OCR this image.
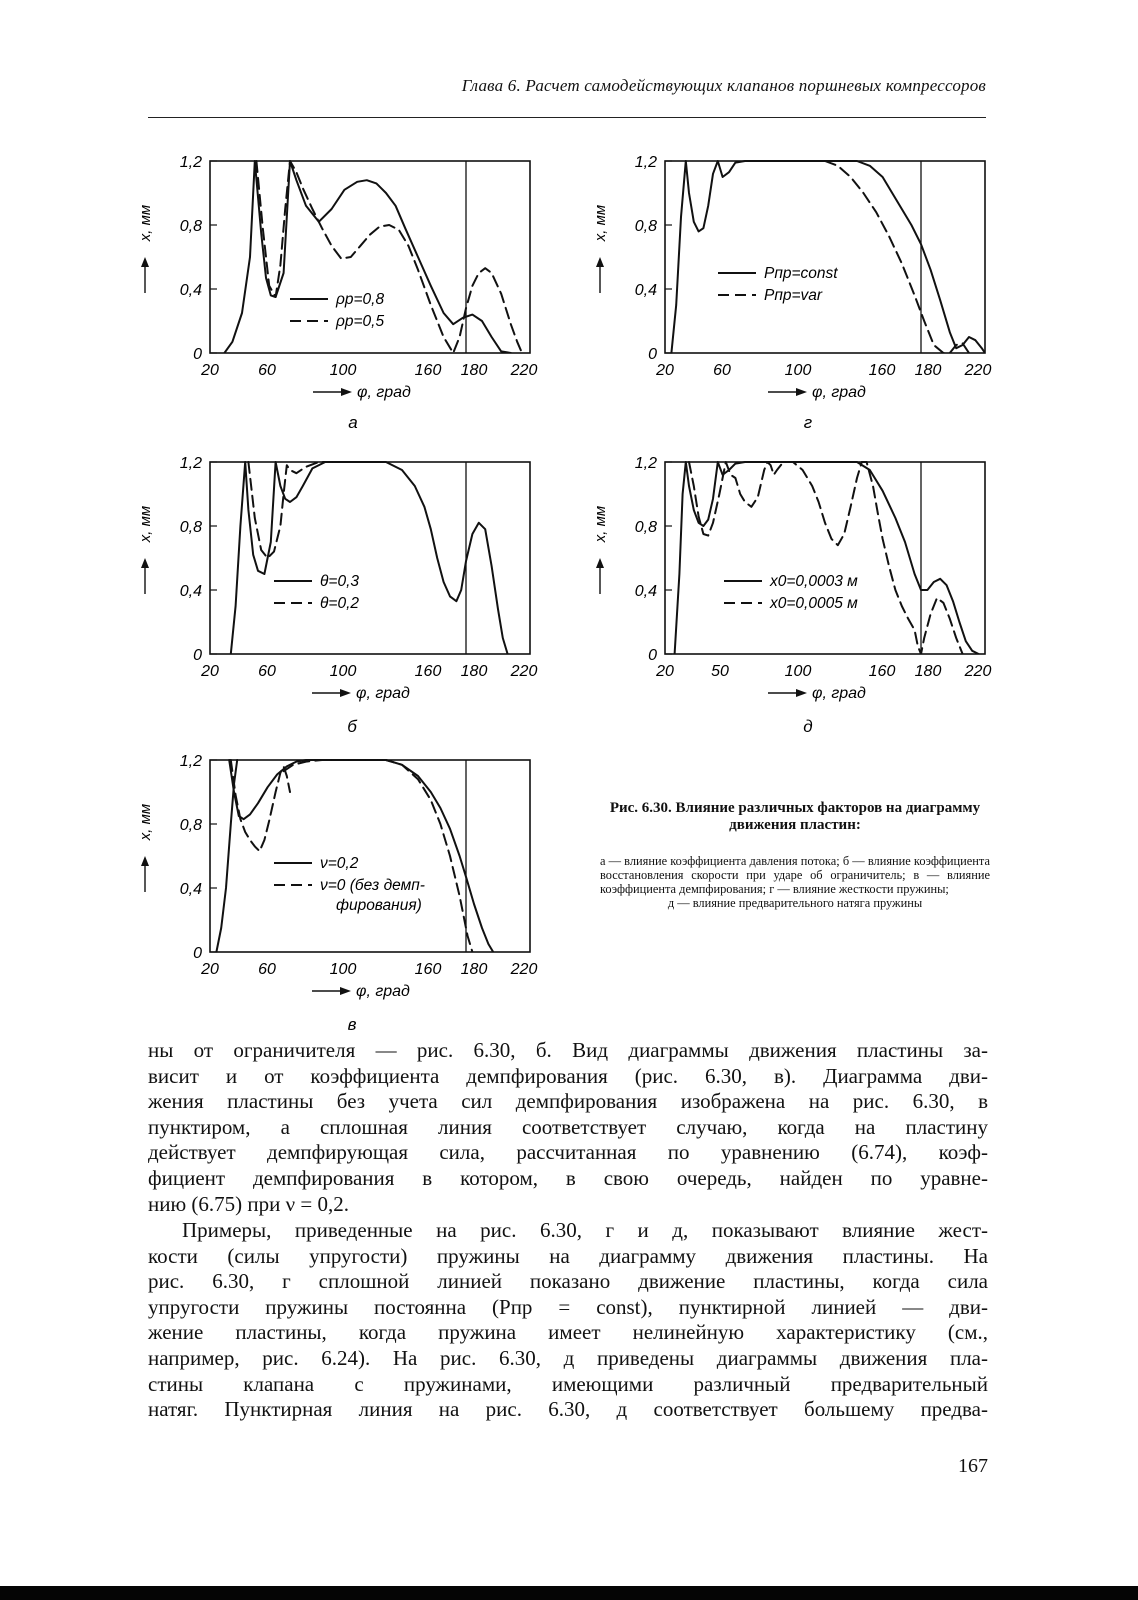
Глава 6. Расчет самодействующих клапанов поршневых компрессоров
0
0,4
0,8
1,2
20 60	100	160 180 220
x, мм
φ, град
а
ρp=0,8
ρp=0,5
0
0,4
0,8
1,2
20 60	100	160 180 220
x, мм
φ, град
б
θ=0,3
θ=0,2
0
0,4
0,8
1,2
20 60	100	160 180 220
x, мм
φ, град
в
ν=0,2
ν=0 (без демп-
фирования)
0
0,4
0,8
1,2
20 60	100	160 180 220
x, мм
φ, град
г
Pпр=const
Pпр=var
0
0,4
0,8
1,2
20 50	100	160 180 220
x, мм
φ, град
д
x0=0,0003 м
x0=0,0005 м
Рис. 6.30. Влияние различных факторов на диаграмму движения пластин:
а — влияние коэффициента давления потока; б — влияние коэффициента восстановления скорости при ударе об ограничитель; в — влияние коэффициента демпфирования; г — влияние жесткости пружины;
д — влияние предварительного натяга пружины
ны от ограничителя — рис. 6.30, б. Вид диаграммы движения пластины за-
висит и от коэффициента демпфирования (рис. 6.30, в). Диаграмма дви-
жения пластины без учета сил демпфирования изображена на рис. 6.30, в
пунктиром, а сплошная линия соответствует случаю, когда на пластину
действует демпфирующая сила, рассчитанная по уравнению (6.74), коэф-
фициент демпфирования в котором, в свою очередь, найден по уравне-
нию (6.75) при ν = 0,2.
Примеры, приведенные на рис. 6.30, г и д, показывают влияние жест-
кости (силы упругости) пружины на диаграмму движения пластины. На
рис. 6.30, г сплошной линией показано движение пластины, когда сила
упругости пружины постоянна (Pпр = const), пунктирной линией — дви-
жение пластины, когда пружина имеет нелинейную характеристику (см.,
например, рис. 6.24). На рис. 6.30, д приведены диаграммы движения пла-
стины клапана с пружинами, имеющими различный предварительный
натяг. Пунктирная линия на рис. 6.30, д соответствует большему предва-
167
